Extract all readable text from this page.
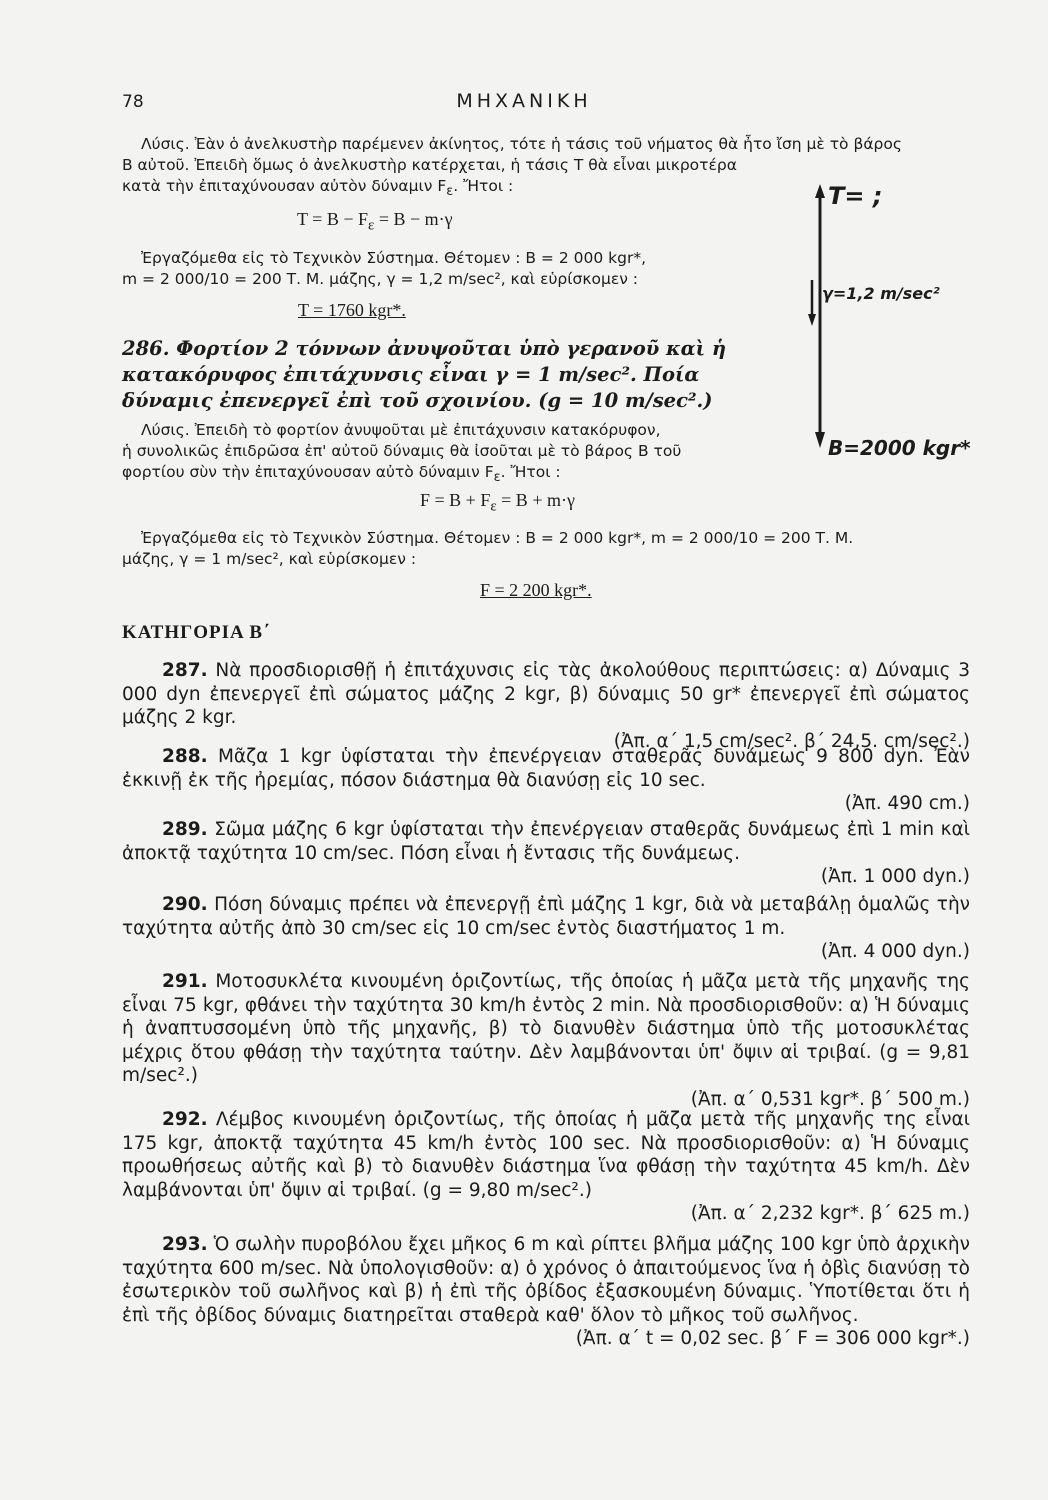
78	ΜΗΧΑΝΙΚΗ
Λύσις. Ἐὰν ὁ ἀνελκυστὴρ παρέμενεν ἀκίνητος, τότε ἡ τάσις τοῦ νήματος θὰ ἦτο ἴση μὲ τὸ βάρος
Β αὐτοῦ. Ἐπειδὴ ὅμως ὁ ἀνελκυστὴρ κατέρχεται, ἡ τάσις Τ θὰ εἶναι μικροτέρα
κατὰ τὴν ἐπιταχύνουσαν αὐτὸν δύναμιν $F_\varepsilon$. Ἤτοι :
$T = B - F_\varepsilon = B - m\cdot\gamma$
Ἐργαζόμεθα εἰς τὸ Τεχνικὸν Σύστημα. Θέτομεν : Β = 2 000 kgr*,
m = 2 000/10 = 200 Τ. Μ. μάζης, γ = 1,2 m/sec², καὶ εὑρίσκομεν :
T = 1760 kgr*.
286. Φορτίον 2 τόννων ἀνυψοῦται ὑπὸ γερανοῦ καὶ ἡ κατακόρυφος ἐπιτάχυνσις εἶναι γ = 1 m/sec². Ποία δύναμις ἐπενεργεῖ ἐπὶ τοῦ σχοινίου. (g = 10 m/sec².)
Λύσις. Ἐπειδὴ τὸ φορτίον ἀνυψοῦται μὲ ἐπιτάχυνσιν κατακόρυφον,
ἡ συνολικῶς ἐπιδρῶσα ἐπ' αὐτοῦ δύναμις θὰ ἰσοῦται μὲ τὸ βάρος Β τοῦ
φορτίου σὺν τὴν ἐπιταχύνουσαν αὐτὸ δύναμιν $F_\varepsilon$. Ἤτοι :
$F = B + F_\varepsilon = B + m\cdot\gamma$
Ἐργαζόμεθα εἰς τὸ Τεχνικὸν Σύστημα. Θέτομεν : Β = 2 000 kgr*, m = 2 000/10 = 200 Τ. Μ.
μάζης, γ = 1 m/sec², καὶ εὑρίσκομεν :
F = 2 200 kgr*.
T= ;
γ=1,2 m/sec²
B=2000 kgr*
ΚΑΤΗΓΟΡΙΑ Β΄
287. Νὰ προσδιορισθῇ ἡ ἐπιτάχυνσις εἰς τὰς ἀκολούθους περιπτώσεις: α) Δύναμις 3 000 dyn ἐπενεργεῖ ἐπὶ σώματος μάζης 2 kgr, β) δύναμις 50 gr* ἐπενεργεῖ ἐπὶ σώματος μάζης 2 kgr.
(Ἀπ. α΄ 1,5 cm/sec². β΄ 24,5. cm/sec².)
288. Μᾶζα 1 kgr ὑφίσταται τὴν ἐπενέργειαν σταθερᾶς δυνάμεως 9 800 dyn. Ἐὰν ἐκκινῇ ἐκ τῆς ἠρεμίας, πόσον διάστημα θὰ διανύσῃ εἰς 10 sec.
(Ἀπ. 490 cm.)
289. Σῶμα μάζης 6 kgr ὑφίσταται τὴν ἐπενέργειαν σταθερᾶς δυνάμεως ἐπὶ 1 min καὶ ἀποκτᾷ ταχύτητα 10 cm/sec. Πόση εἶναι ἡ ἔντασις τῆς δυνάμεως.
(Ἀπ. 1 000 dyn.)
290. Πόση δύναμις πρέπει νὰ ἐπενεργῇ ἐπὶ μάζης 1 kgr, διὰ νὰ μεταβάλῃ ὁμαλῶς τὴν ταχύτητα αὐτῆς ἀπὸ 30 cm/sec εἰς 10 cm/sec ἐντὸς διαστήματος 1 m.
(Ἀπ. 4 000 dyn.)
291. Μοτοσυκλέτα κινουμένη ὁριζοντίως, τῆς ὁποίας ἡ μᾶζα μετὰ τῆς μηχανῆς της εἶναι 75 kgr, φθάνει τὴν ταχύτητα 30 km/h ἐντὸς 2 min. Νὰ προσδιορισθοῦν: α) Ἡ δύναμις ἡ ἀναπτυσσομένη ὑπὸ τῆς μηχανῆς, β) τὸ διανυθὲν διάστημα ὑπὸ τῆς μοτοσυκλέτας μέχρις ὅτου φθάσῃ τὴν ταχύτητα ταύτην. Δὲν λαμβάνονται ὑπ' ὄψιν αἱ τριβαί. (g = 9,81 m/sec².)
(Ἀπ. α΄ 0,531 kgr*. β΄ 500 m.)
292. Λέμβος κινουμένη ὁριζοντίως, τῆς ὁποίας ἡ μᾶζα μετὰ τῆς μηχανῆς της εἶναι 175 kgr, ἀποκτᾷ ταχύτητα 45 km/h ἐντὸς 100 sec. Νὰ προσδιορισθοῦν: α) Ἡ δύναμις προωθήσεως αὐτῆς καὶ β) τὸ διανυθὲν διάστημα ἵνα φθάσῃ τὴν ταχύτητα 45 km/h. Δὲν λαμβάνονται ὑπ' ὄψιν αἱ τριβαί. (g = 9,80 m/sec².)
(Ἀπ. α΄ 2,232 kgr*. β΄ 625 m.)
293. Ὁ σωλὴν πυροβόλου ἔχει μῆκος 6 m καὶ ρίπτει βλῆμα μάζης 100 kgr ὑπὸ ἀρχικὴν ταχύτητα 600 m/sec. Νὰ ὑπολογισθοῦν: α) ὁ χρόνος ὁ ἀπαιτούμενος ἵνα ἡ ὀβὶς διανύσῃ τὸ ἐσωτερικὸν τοῦ σωλῆνος καὶ β) ἡ ἐπὶ τῆς ὀβίδος ἐξασκουμένη δύναμις. Ὑποτίθεται ὅτι ἡ ἐπὶ τῆς ὀβίδος δύναμις διατηρεῖται σταθερὰ καθ' ὅλον τὸ μῆκος τοῦ σωλῆνος.
(Ἀπ. α΄ t = 0,02 sec. β΄ F = 306 000 kgr*.)
